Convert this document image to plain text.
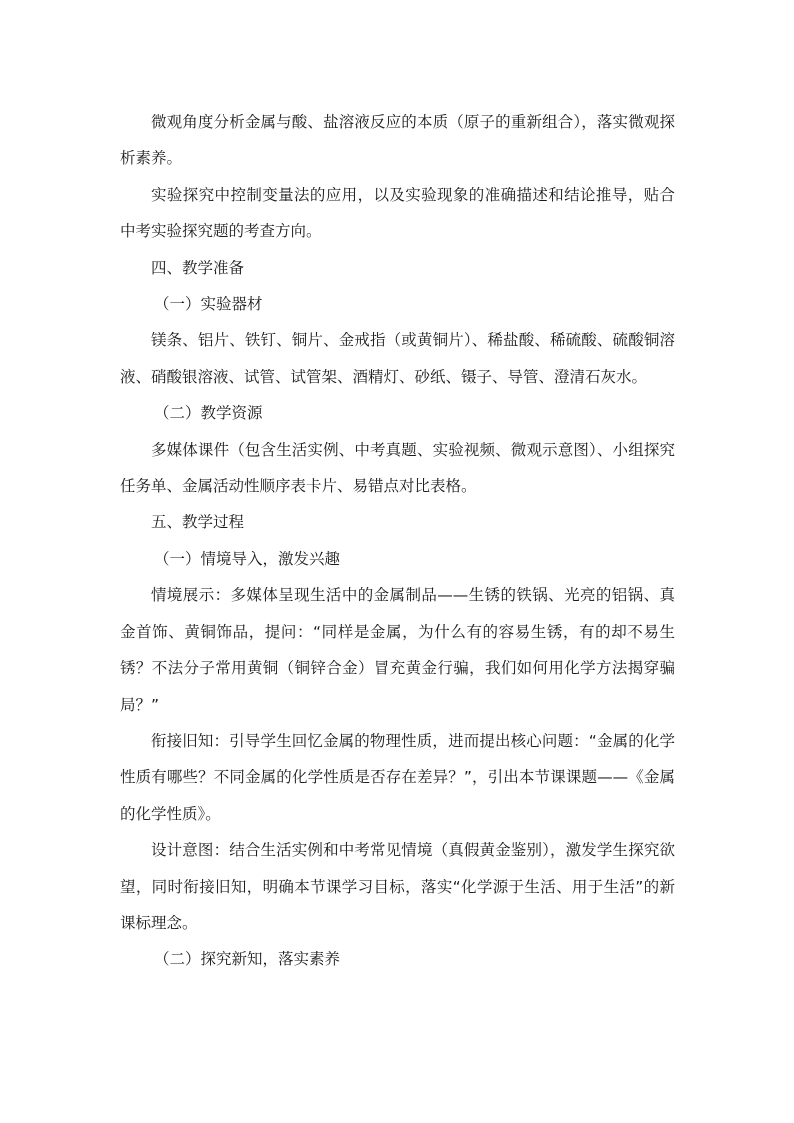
微观角度分析金属与酸、盐溶液反应的本质（原子的重新组合），落实微观探析素养。

实验探究中控制变量法的应用，以及实验现象的准确描述和结论推导，贴合中考实验探究题的考查方向。

四、教学准备

（一）实验器材

镁条、铝片、铁钉、铜片、金戒指（或黄铜片）、稀盐酸、稀硫酸、硫酸铜溶液、硝酸银溶液、试管、试管架、酒精灯、砂纸、镊子、导管、澄清石灰水。

（二）教学资源

多媒体课件（包含生活实例、中考真题、实验视频、微观示意图）、小组探究任务单、金属活动性顺序表卡片、易错点对比表格。

五、教学过程

（一）情境导入，激发兴趣

情境展示：多媒体呈现生活中的金属制品——生锈的铁锅、光亮的铝锅、真金首饰、黄铜饰品，提问：“同样是金属，为什么有的容易生锈，有的却不易生锈？不法分子常用黄铜（铜锌合金）冒充黄金行骗，我们如何用化学方法揭穿骗局？”

衔接旧知：引导学生回忆金属的物理性质，进而提出核心问题：“金属的化学性质有哪些？不同金属的化学性质是否存在差异？”，引出本节课课题——《金属的化学性质》。

设计意图：结合生活实例和中考常见情境（真假黄金鉴别），激发学生探究欲望，同时衔接旧知，明确本节课学习目标，落实“化学源于生活、用于生活”的新课标理念。

（二）探究新知，落实素养
